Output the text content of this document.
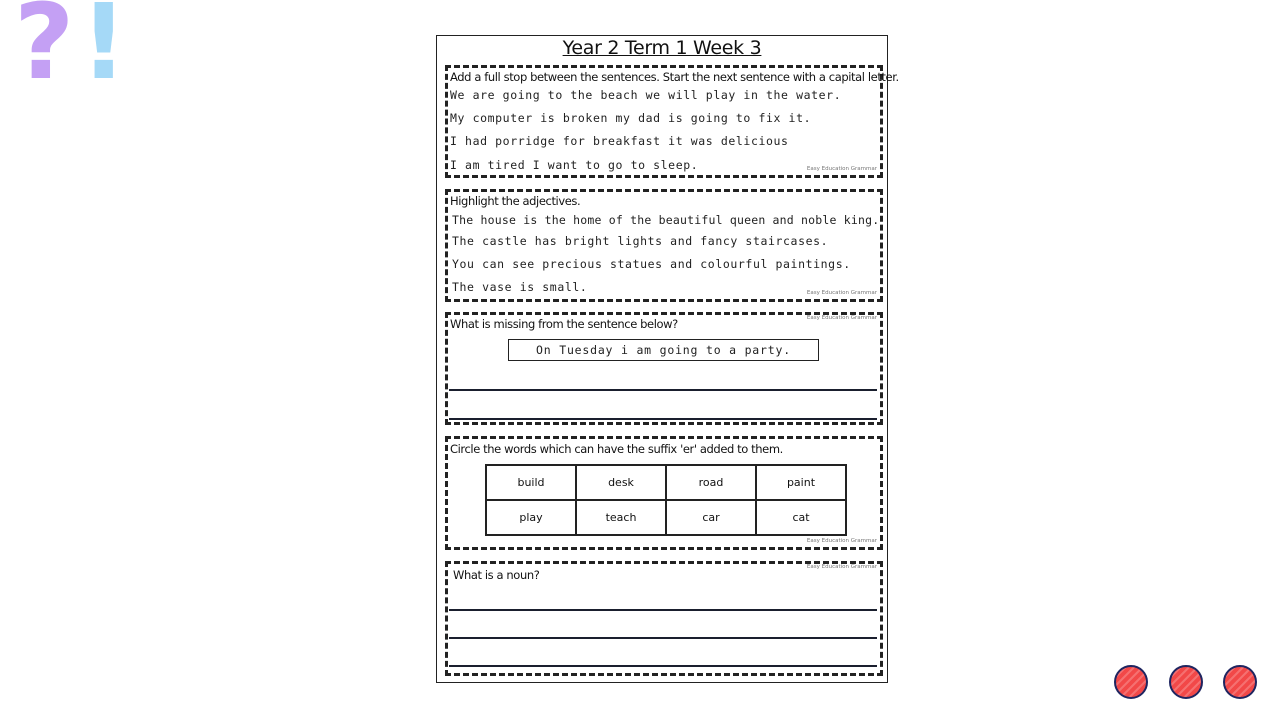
? !	Year 2 Term 1 Week 3
Add a full stop between the sentences. Start the next sentence with a capital letter.
We are going to the beach we will play in the water.
My computer is broken my dad is going to fix it.
I had porridge for breakfast it was delicious
I am tired I want to go to sleep.	Easy Education Grammar
Highlight the adjectives.
The house is the home of the beautiful queen and noble king.
The castle has bright lights and fancy staircases.
You can see precious statues and colourful paintings.
The vase is small.	Easy Education Grammar
What is missing from the sentence below?	Easy Education Grammar
On Tuesday i am going to a party.
Circle the words which can have the suffix 'er' added to them.
build	desk	road	paint
play	teach	car	cat
Easy Education Grammar
What is a noun?
Easy Education Grammar
